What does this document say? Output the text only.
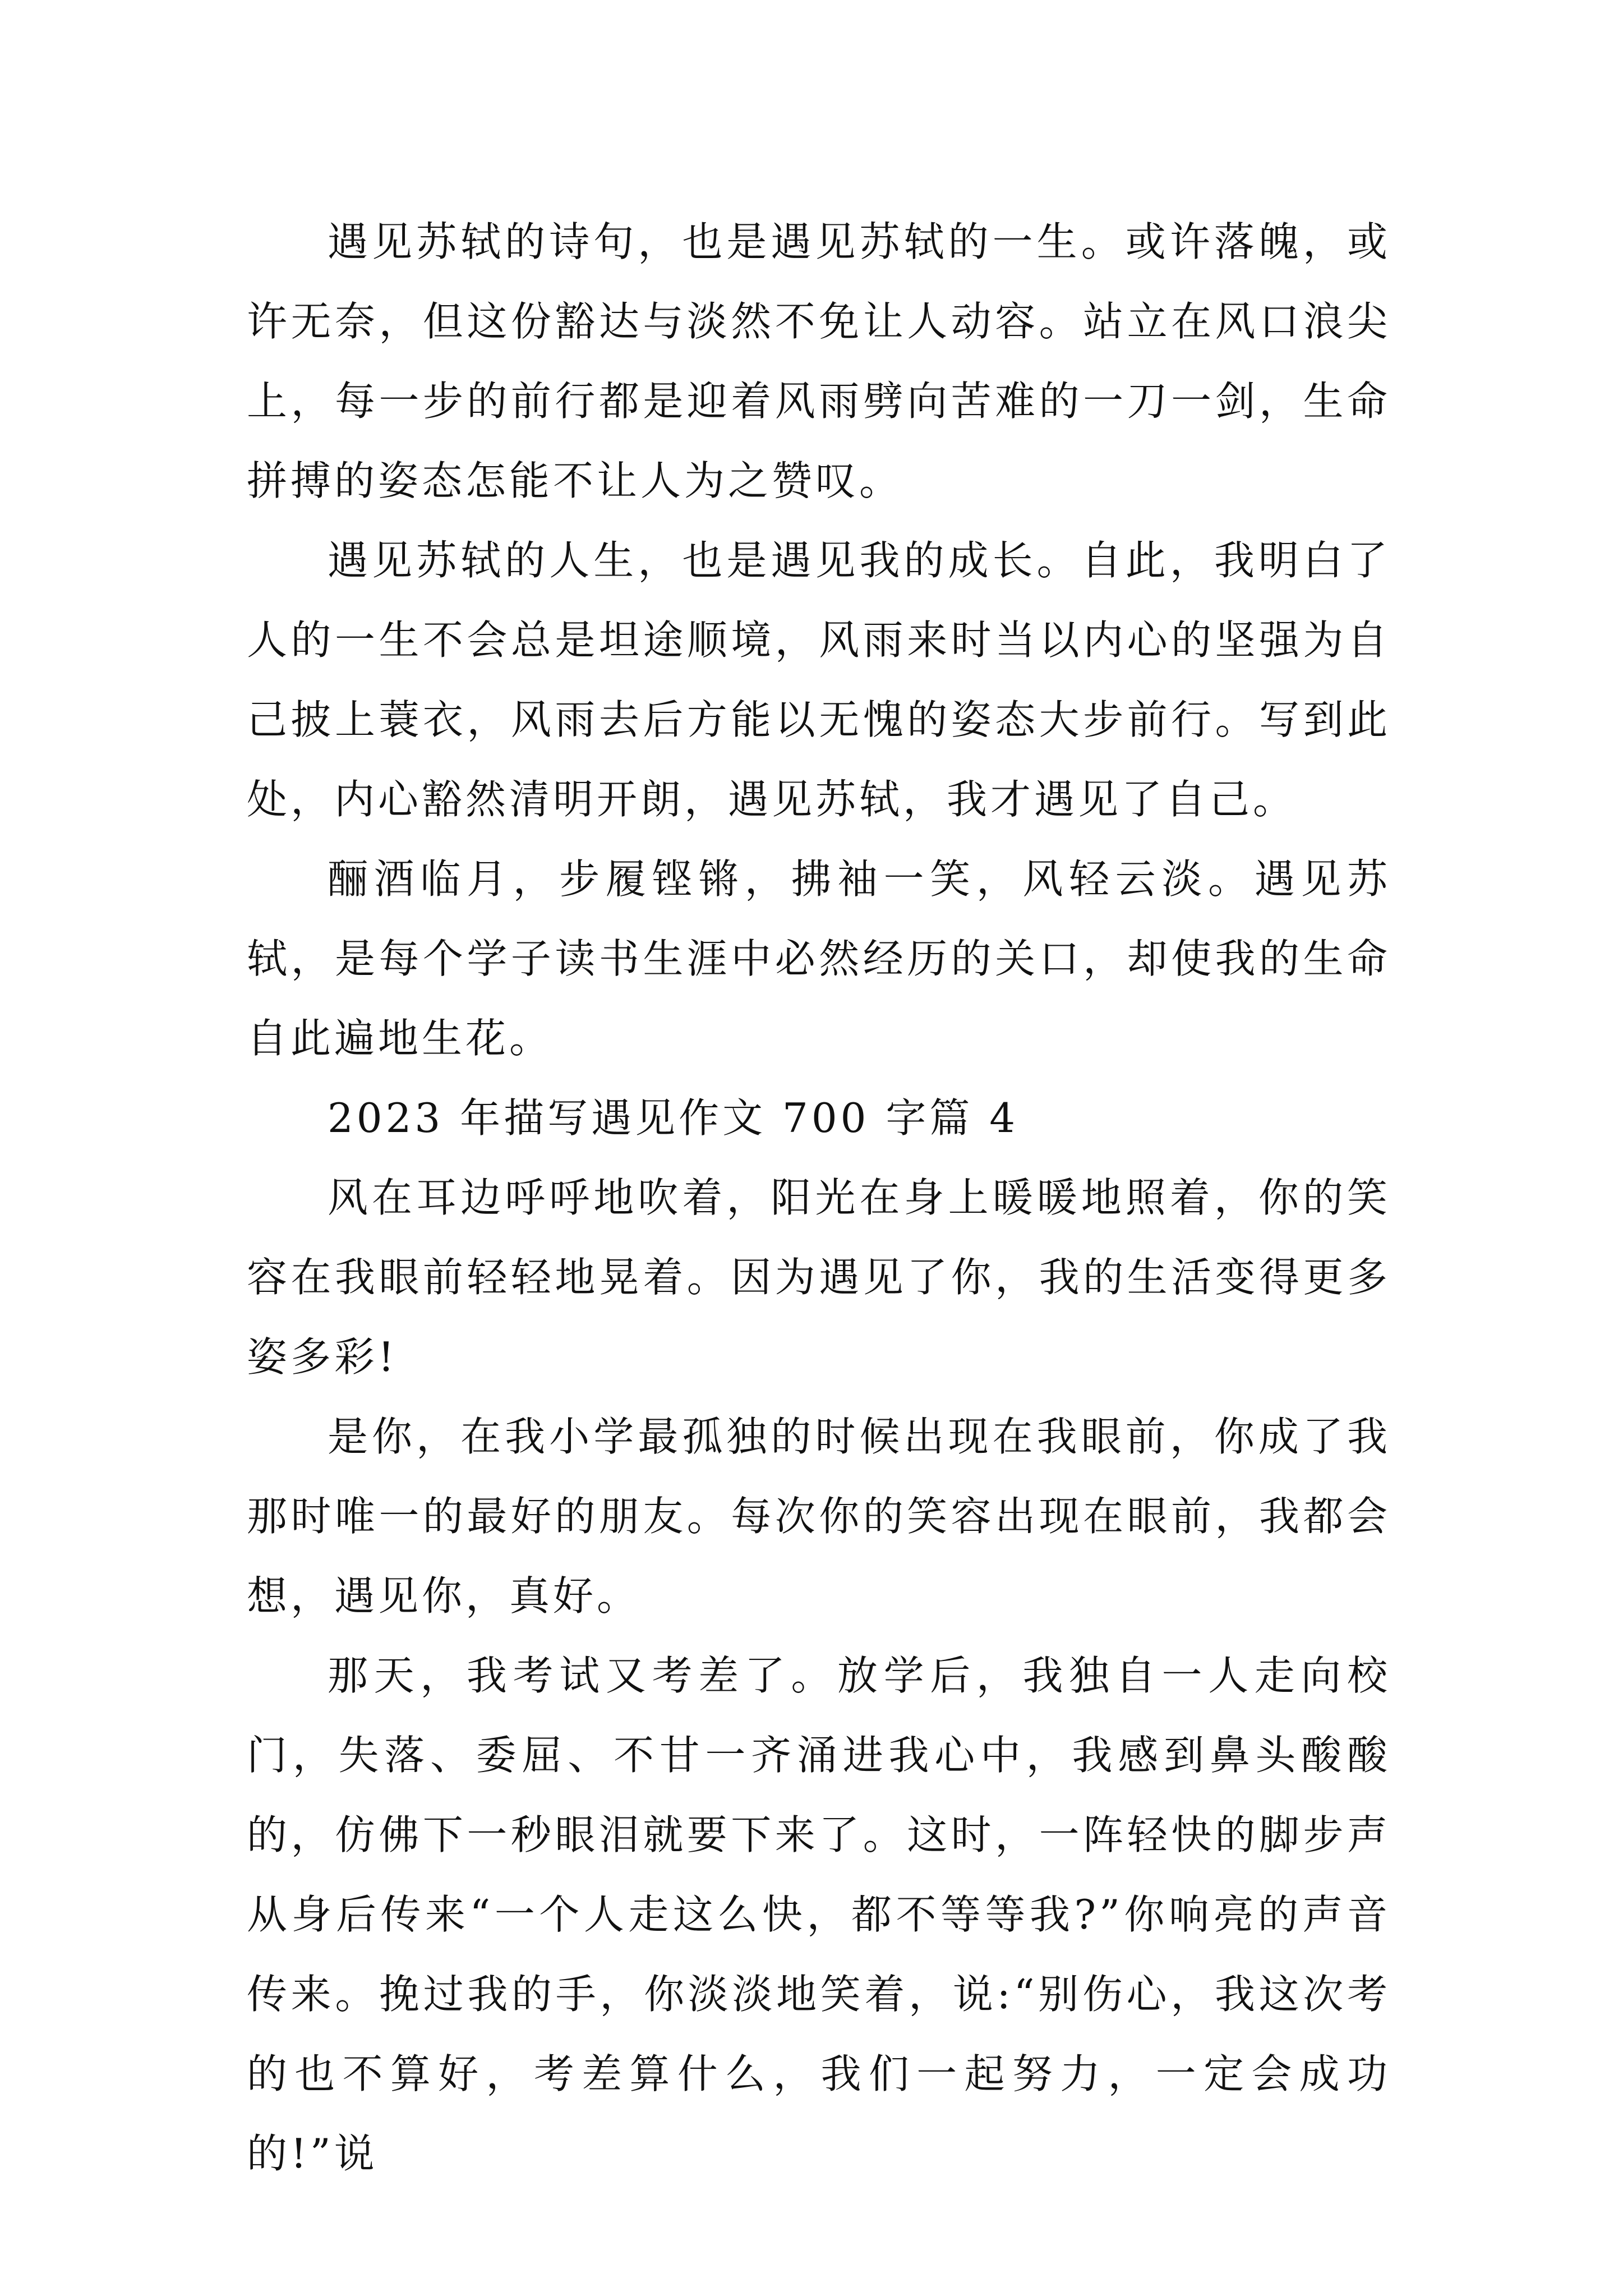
遇见苏轼的诗句，也是遇见苏轼的一生。或许落魄，或许无奈，但这份豁达与淡然不免让人动容。站立在风口浪尖上，每一步的前行都是迎着风雨劈向苦难的一刀一剑，生命拼搏的姿态怎能不让人为之赞叹。

遇见苏轼的人生，也是遇见我的成长。自此，我明白了人的一生不会总是坦途顺境，风雨来时当以内心的坚强为自己披上蓑衣，风雨去后方能以无愧的姿态大步前行。写到此处，内心豁然清明开朗，遇见苏轼，我才遇见了自己。

酾酒临月，步履铿锵，拂袖一笑，风轻云淡。遇见苏轼，是每个学子读书生涯中必然经历的关口，却使我的生命自此遍地生花。

2023 年描写遇见作文 700 字篇 4

风在耳边呼呼地吹着，阳光在身上暖暖地照着，你的笑容在我眼前轻轻地晃着。因为遇见了你，我的生活变得更多姿多彩!

是你，在我小学最孤独的时候出现在我眼前，你成了我那时唯一的最好的朋友。每次你的笑容出现在眼前，我都会想，遇见你，真好。

那天，我考试又考差了。放学后，我独自一人走向校门，失落、委屈、不甘一齐涌进我心中，我感到鼻头酸酸的，仿佛下一秒眼泪就要下来了。这时，一阵轻快的脚步声从身后传来“一个人走这么快，都不等等我?”你响亮的声音传来。挽过我的手，你淡淡地笑着，说:“别伤心，我这次考的也不算好，考差算什么，我们一起努力，一定会成功的!”说
